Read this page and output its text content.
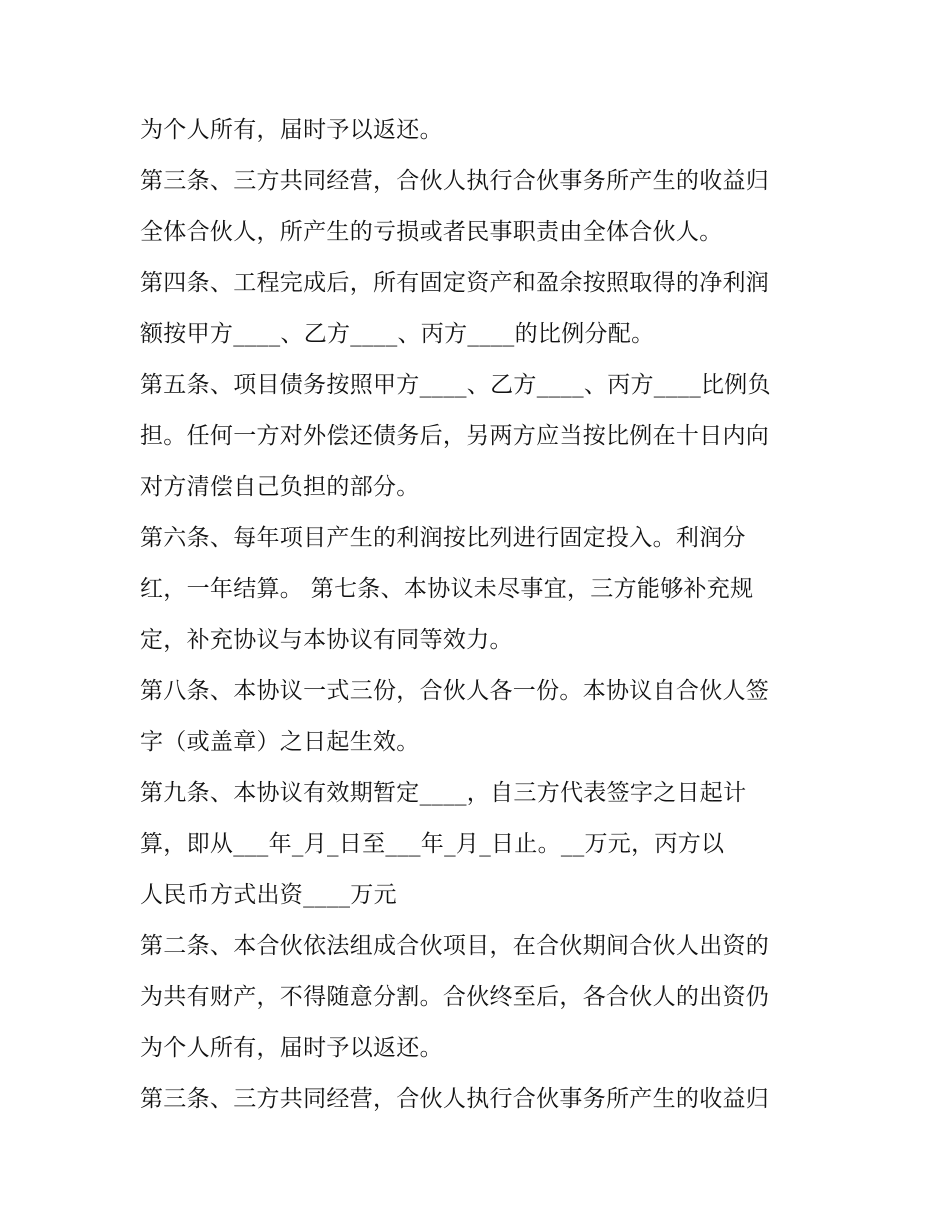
为个人所有，届时予以返还。
第三条、三方共同经营，合伙人执行合伙事务所产生的收益归
全体合伙人，所产生的亏损或者民事职责由全体合伙人。
第四条、工程完成后，所有固定资产和盈余按照取得的净利润
额按甲方____、乙方____、丙方____的比例分配。
第五条、项目债务按照甲方____、乙方____、丙方____比例负
担。任何一方对外偿还债务后，另两方应当按比例在十日内向
对方清偿自己负担的部分。
第六条、每年项目产生的利润按比列进行固定投入。利润分
红，一年结算。 第七条、本协议未尽事宜，三方能够补充规
定，补充协议与本协议有同等效力。
第八条、本协议一式三份，合伙人各一份。本协议自合伙人签
字（或盖章）之日起生效。
第九条、本协议有效期暂定____，自三方代表签字之日起计
算，即从___年_月_日至___年_月_日止。__万元，丙方以
人民币方式出资____万元
第二条、本合伙依法组成合伙项目，在合伙期间合伙人出资的
为共有财产，不得随意分割。合伙终至后，各合伙人的出资仍
为个人所有，届时予以返还。
第三条、三方共同经营，合伙人执行合伙事务所产生的收益归
